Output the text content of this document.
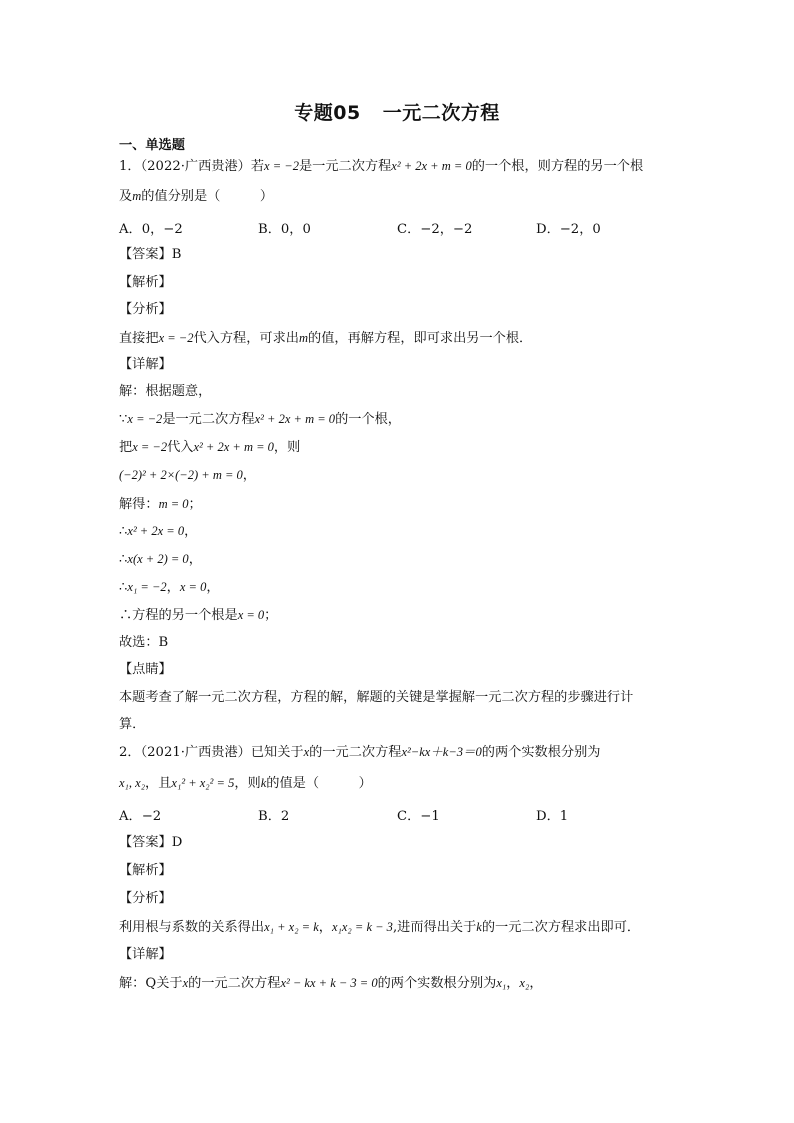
专题05 一元二次方程
一、单选题
1．（2022·广西贵港）若x = −2是一元二次方程x² + 2x + m = 0的一个根，则方程的另一个根
及m的值分别是（　　　）
A．0，−2	B．0，0	C．−2，−2	D．−2，0
【答案】B
【解析】
【分析】
直接把x = −2代入方程，可求出m的值，再解方程，即可求出另一个根．
【详解】
解：根据题意，
∵x = −2是一元二次方程x² + 2x + m = 0的一个根，
把x = −2代入x² + 2x + m = 0，则
(−2)² + 2×(−2) + m = 0，
解得：m = 0；
∴x² + 2x = 0，
∴x(x + 2) = 0，
∴x₁ = −2，x = 0，
∴方程的另一个根是x = 0；
故选：B
【点睛】
本题考查了解一元二次方程，方程的解，解题的关键是掌握解一元二次方程的步骤进行计
算．
2．（2021·广西贵港）已知关于x的一元二次方程x²−kx＋k−3＝0的两个实数根分别为
x₁, x₂，且x₁² + x₂² = 5，则k的值是（　　　）
A．−2	B．2	C．−1	D．1
【答案】D
【解析】
【分析】
利用根与系数的关系得出x₁ + x₂ = k，x₁x₂ = k − 3,进而得出关于k的一元二次方程求出即可．
【详解】
解：Q关于x的一元二次方程x² − kx + k − 3 = 0的两个实数根分别为x₁，x₂，
